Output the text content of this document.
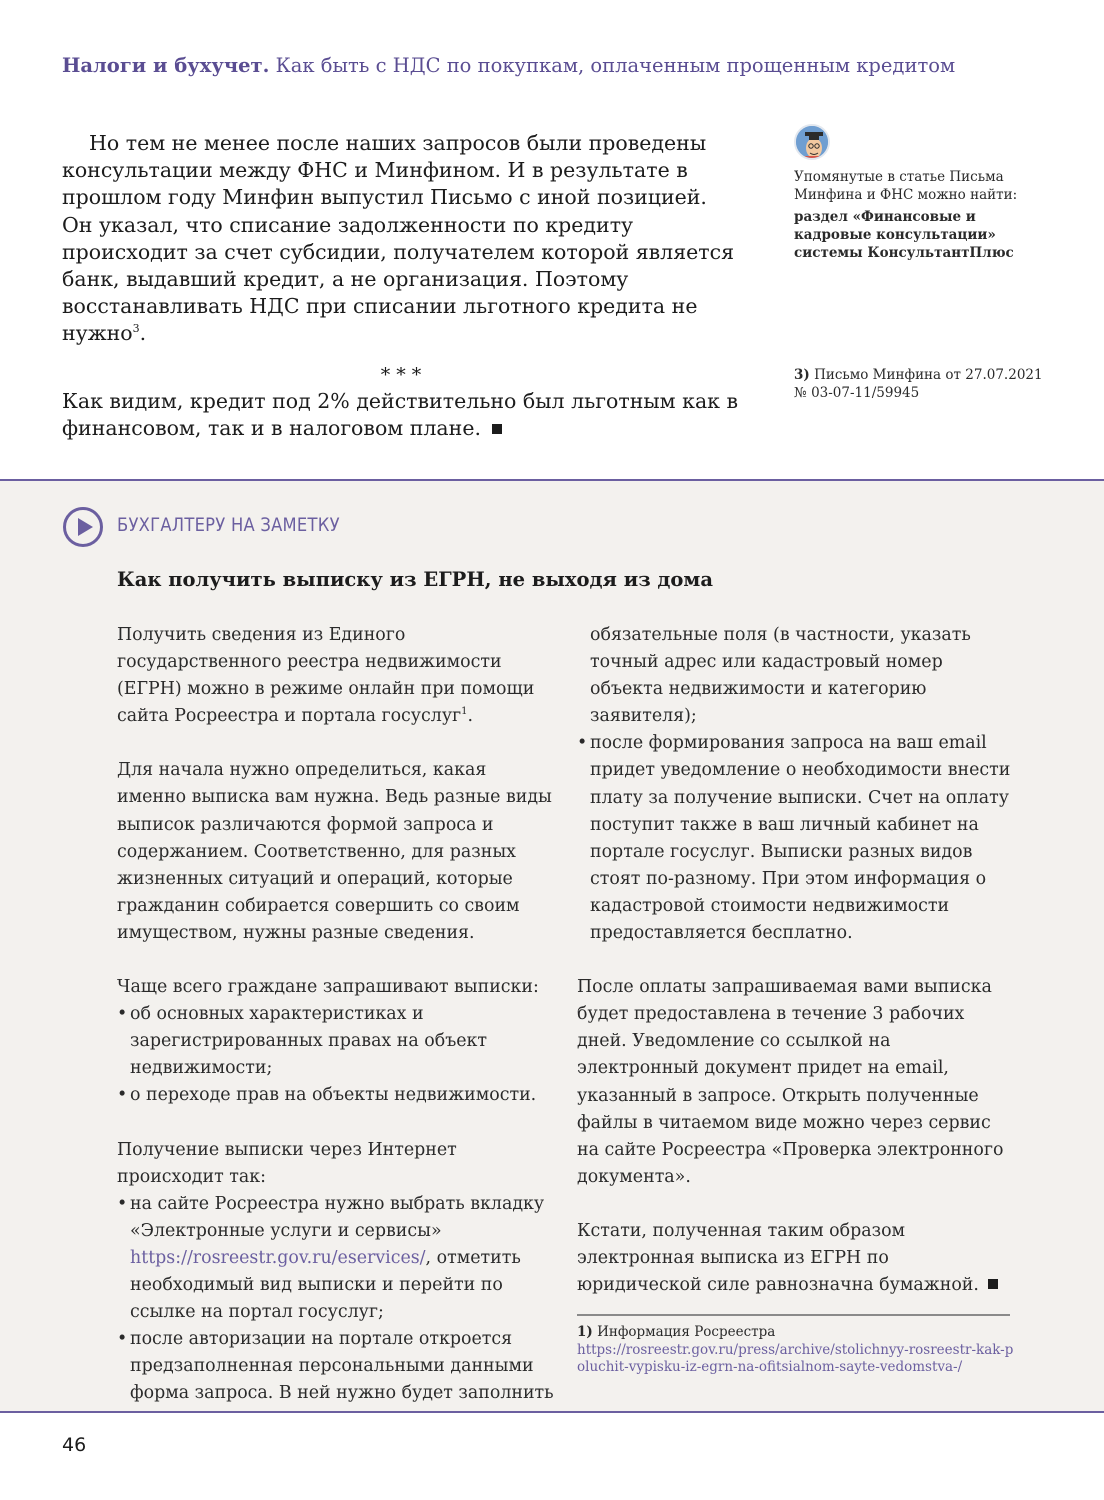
Налоги и бухучет. Как быть с НДС по покупкам, оплаченным прощенным кредитом

Но тем не менее после наших запросов были проведены консультации между ФНС и Минфином. И в результате в прошлом году Минфин выпустил Письмо с иной позицией. Он указал, что списание задолженности по кредиту происходит за счет субсидии, получателем которой является банк, выдавший кредит, а не организация. Поэтому восстанавливать НДС при списании льготного кредита не нужно$^3$.

* * *

Как видим, кредит под 2% действительно был льготным как в финансовом, так и в налоговом плане.

Упомянутые в статье Письма Минфина и ФНС можно найти:
раздел «Финансовые и кадровые консультации» системы КонсультантПлюс
3) Письмо Минфина от 27.07.2021 № 03-07-11/59945
БУХГАЛТЕРУ НА ЗАМЕТКУ
Как получить выписку из ЕГРН, не выходя из дома

Получить сведения из Единого государственного реестра недвижимости (ЕГРН) можно в режиме онлайн при помощи сайта Росреестра и портала госуслуг$^1$.

Для начала нужно определиться, какая именно выписка вам нужна. Ведь разные виды выписок различаются формой запроса и содержанием. Соответственно, для разных жизненных ситуаций и операций, которые гражданин собирается совершить со своим имуществом, нужны разные сведения.

Чаще всего граждане запрашивают выписки:

• об основных характеристиках и зарегистрированных правах на объект недвижимости;
• о переходе прав на объекты недвижимости.

Получение выписки через Интернет происходит так:

• на сайте Росреестра нужно выбрать вкладку «Электронные услуги и сервисы» https://rosreestr.gov.ru/eservices/, отметить необходимый вид выписки и перейти по ссылке на портал госуслуг;
• после авторизации на портале откроется предзаполненная персональными данными форма запроса. В ней нужно будет заполнить
обязательные поля (в частности, указать точный адрес или кадастровый номер объекта недвижимости и категорию заявителя);
• после формирования запроса на ваш email придет уведомление о необходимости внести плату за получение выписки. Счет на оплату поступит также в ваш личный кабинет на портале госуслуг. Выписки разных видов стоят по-разному. При этом информация о кадастровой стоимости недвижимости предоставляется бесплатно.

После оплаты запрашиваемая вами выписка будет предоставлена в течение 3 рабочих дней. Уведомление со ссылкой на электронный документ придет на email, указанный в запросе. Открыть полученные файлы в читаемом виде можно через сервис на сайте Росреестра «Проверка электронного документа».

Кстати, полученная таким образом электронная выписка из ЕГРН по юридической силе равнозначна бумажной.

1) Информация Росреестра
https://rosreestr.gov.ru/press/archive/stolichnyy-rosreestr-kak-poluchit-vypisku-iz-egrn-na-ofitsialnom-sayte-vedomstva-/
46
